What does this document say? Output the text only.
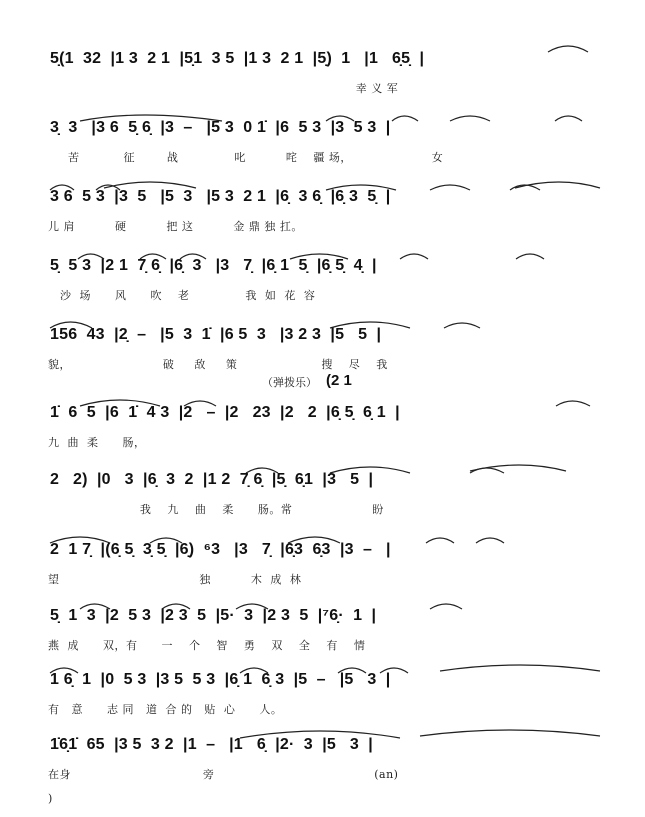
5̣(1  32  |1 3  2 1  |5̣1  3 5  |1 3  2 1  |5̣)  1   |1   6̣5̣  |
幸 义 军
3̣  3   |3 6  5̣ 6̣  |3  –   |5 3  0 1̇  |6  5 3  |3  5 3  |
苦           征        战              叱          咤    疆 场，                    女
3 6  5 3  |3  5   |5  3   |5 3  2 1  |6̣  3 6̣  |6̣ 3  5̣  |
儿 肩          硬          把 这          金 鼎 独 扛。
5̣  5 3  |2 1  7̣ 6̣  |6̣  3   |3   7̣  |6̣ 1  5̣  |6̣ 5̣  4̣  |
沙  场      风      吹    老              我  如  花  容
156  43  |2̣  –   |5  3  1̇  |6 5  3   |3 2 3  |5   5  |
貌，                       破     敌     策                     搜    尽    我
（弹拨乐） (2 1
1̇  6  5  |6  1̇  4 3  |2   –  |2   23  |2   2  |6̣ 5̣  6̣ 1  |
九  曲  柔      肠，
2   2)  |0   3  |6̣  3  2  |1 2  7̣ 6̣  |5̣  6̣1  |3   5  |
我    九    曲    柔      肠。常                    盼
2  1 7̣  |(6̣ 5̣  3̣ 5̣  |6̣)  ⁶3   |3   7̣  |6̣3  6̣3  |3  –   |
望                                   独          木  成  林
5̣  1  3  |2  5 3  |2 3  5  |5·  3  |2 3  5  |⁷6̣·  1  |
燕  成      双，有      一    个    智    勇    双    全    有    情
1 6̣  1  |0  5 3  |3 5  5 3  |6̣ 1  6̣ 3  |5  –   |5   3  |
有   意      志 同   道  合 的   贴  心      人。
1̇6̣1̇  65  |3 5  3 2  |1  –   |1   6̣  |2·  3  |5   3  |
在身                                 旁                                        (an)
)
